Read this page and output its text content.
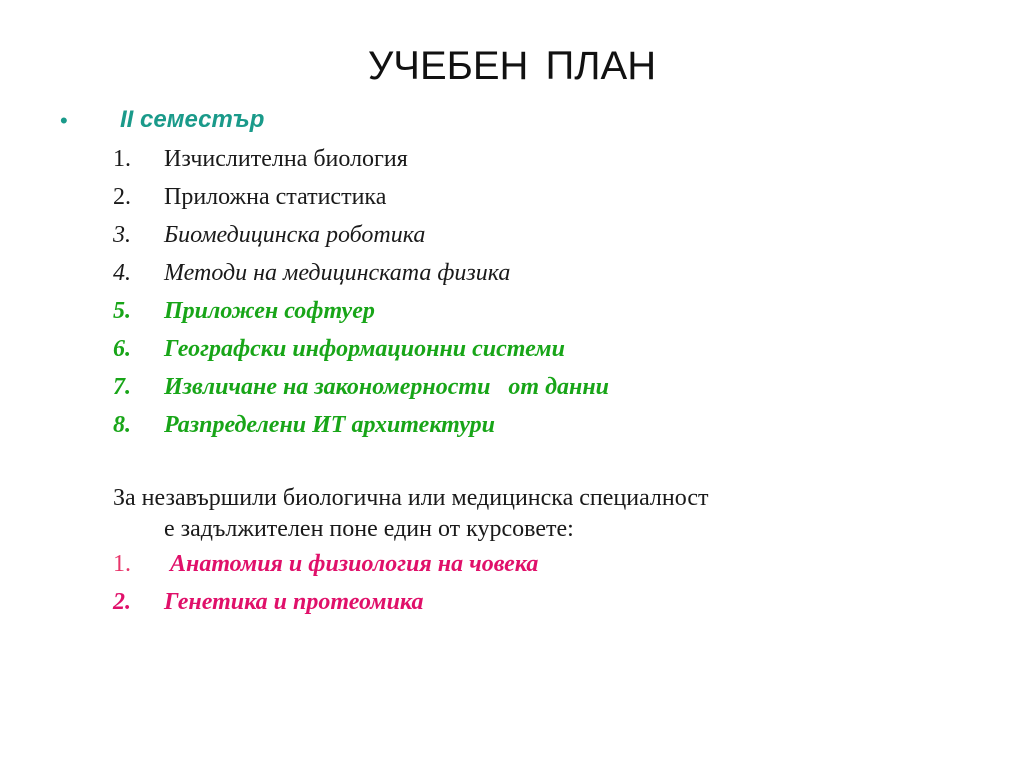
УЧЕБЕН ПЛАН
• II семестър

1.

	Изчислителна биология

2.

	Приложна статистика

3.

	Биомедицинска роботика

4.

	Методи на медицинската физика

5.

	Приложен софтуер

6.

	Географски информационни системи

7.

	Извличане на закономерности   от данни

8.

	Разпределени ИТ архитектури

За незавършили биологична или медицинска специалност
е задължителен поне един от курсовете:

1.

	Анатомия и физиология на човека

2.

	Генетика и протеомика
